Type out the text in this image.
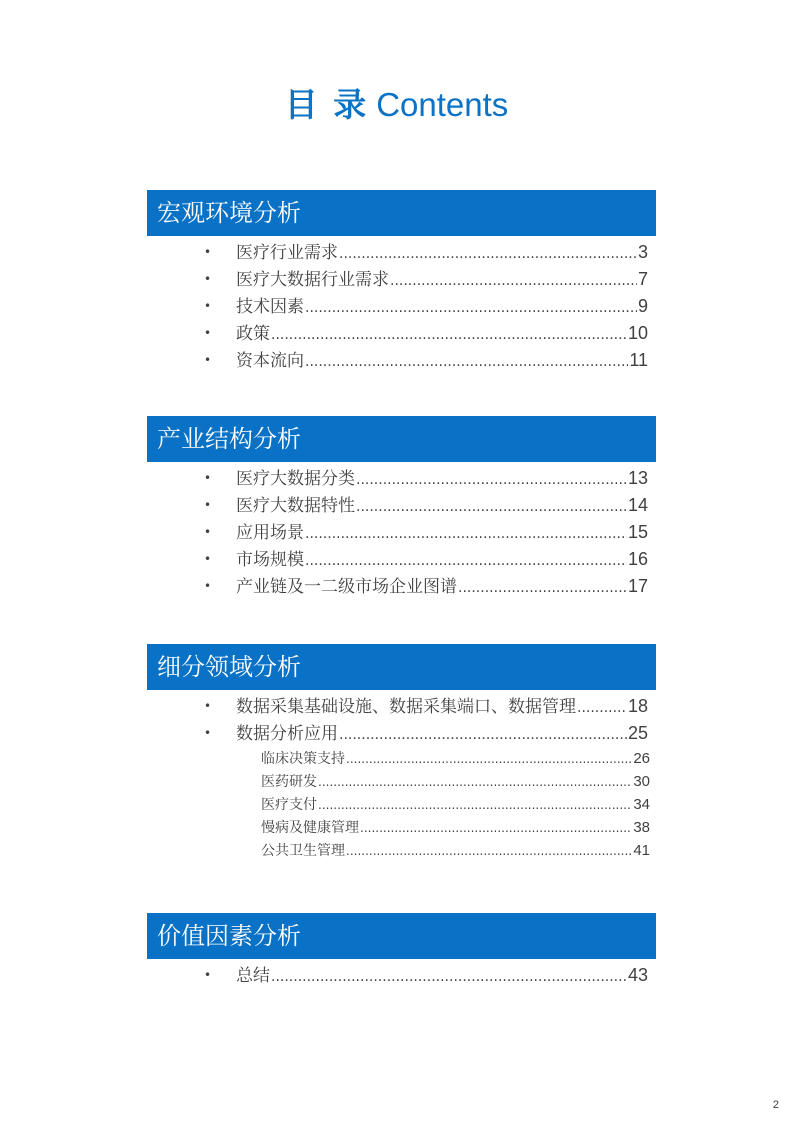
目 录 Contents
宏观环境分析
• 医疗行业需求 .....	3
• 医疗大数据行业需求 .....	7
• 技术因素 .....	9
• 政策 .....	10
• 资本流向 .....	11
产业结构分析
• 医疗大数据分类 .....	13
• 医疗大数据特性 .....	14
• 应用场景 .....	15
• 市场规模 .....	16
• 产业链及一二级市场企业图谱 .....	17
细分领域分析
• 数据采集基础设施、数据采集端口、数据管理 .....	18
• 数据分析应用 .....	25
临床决策支持 .....	26
医药研发 .....	30
医疗支付 .....	34
慢病及健康管理 .....	38
公共卫生管理 .....	41
价值因素分析
• 总结 .....	43
2
